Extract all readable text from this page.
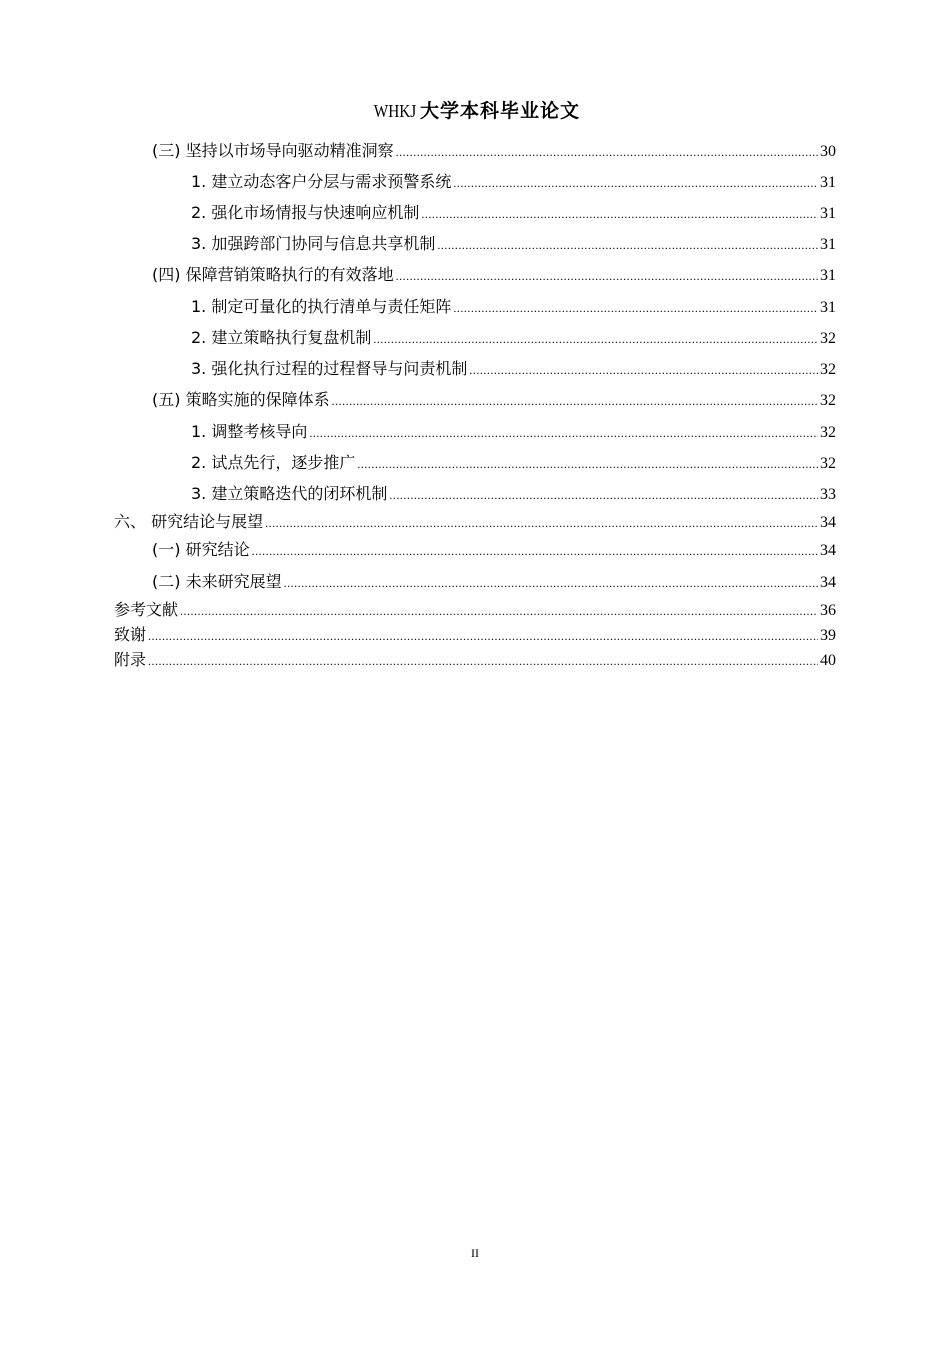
WHKJ 大学本科毕业论文
(三) 坚持以市场导向驱动精准洞察 .....	30
1. 建立动态客户分层与需求预警系统 .....	31
2. 强化市场情报与快速响应机制 .....	31
3. 加强跨部门协同与信息共享机制 .....	31
(四) 保障营销策略执行的有效落地 .....	31
1. 制定可量化的执行清单与责任矩阵 .....	31
2. 建立策略执行复盘机制 .....	32
3. 强化执行过程的过程督导与问责机制 .....	32
(五) 策略实施的保障体系 .....	32
1. 调整考核导向 .....	32
2. 试点先行，逐步推广 .....	32
3. 建立策略迭代的闭环机制 .....	33
六、 研究结论与展望 .....	34
(一) 研究结论 .....	34
(二) 未来研究展望 .....	34
参考文献 .....	36
致谢 .....	39
附录 .....	40
II
